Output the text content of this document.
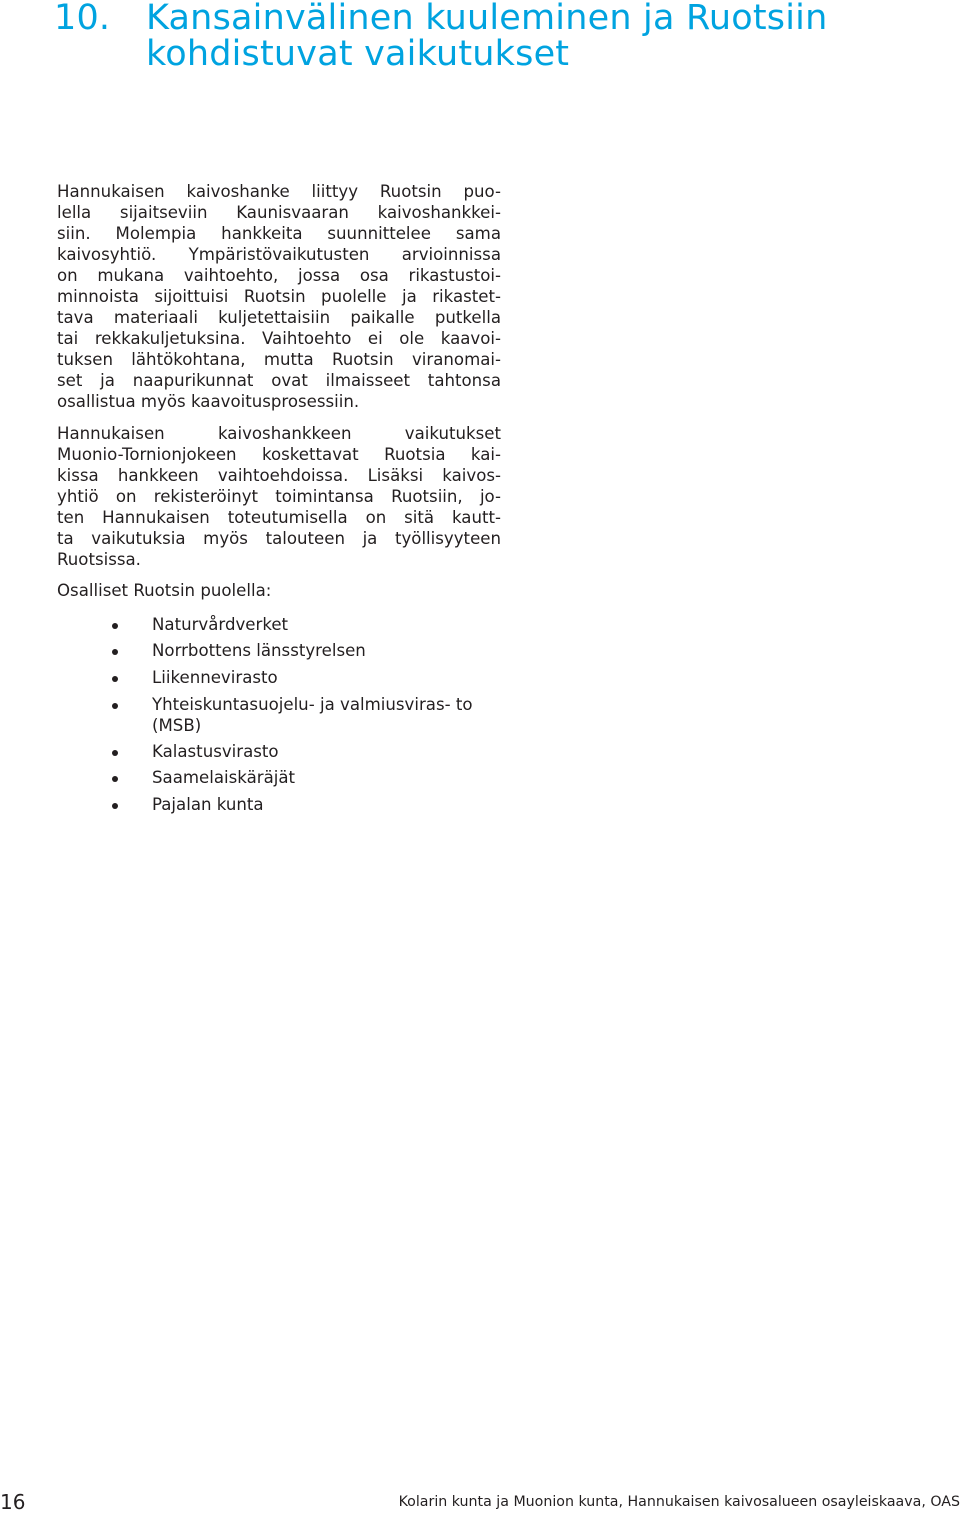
10. Kansainvälinen kuuleminen ja Ruotsiin
kohdistuvat vaikutukset

Hannukaisen kaivoshanke liittyy Ruotsin puo-
lella sijaitseviin Kaunisvaaran kaivoshankkei-
siin. Molempia hankkeita suunnittelee sama
kaivosyhtiö. Ympäristövaikutusten arvioinnissa
on mukana vaihtoehto, jossa osa rikastustoi-
minnoista sijoittuisi Ruotsin puolelle ja rikastet-
tava materiaali kuljetettaisiin paikalle putkella
tai rekkakuljetuksina. Vaihtoehto ei ole kaavoi-
tuksen lähtökohtana, mutta Ruotsin viranomai-
set ja naapurikunnat ovat ilmaisseet tahtonsa
osallistua myös kaavoitusprosessiin.

Hannukaisen kaivoshankkeen vaikutukset
Muonio-Tornionjokeen koskettavat Ruotsia kai-
kissa hankkeen vaihtoehdoissa. Lisäksi kaivos-
yhtiö on rekisteröinyt toimintansa Ruotsiin, jo-
ten Hannukaisen toteutumisella on sitä kautt-
ta vaikutuksia myös talouteen ja työllisyyteen
Ruotsissa.

Osalliset Ruotsin puolella:

Naturvårdverket
Norrbottens länsstyrelsen
Liikennevirasto
Yhteiskuntasuojelu- ja valmiusviras- to (MSB)
Kalastusvirasto
Saamelaiskäräjät
Pajalan kunta
16	Kolarin kunta ja Muonion kunta, Hannukaisen kaivosalueen osayleiskaava, OAS
